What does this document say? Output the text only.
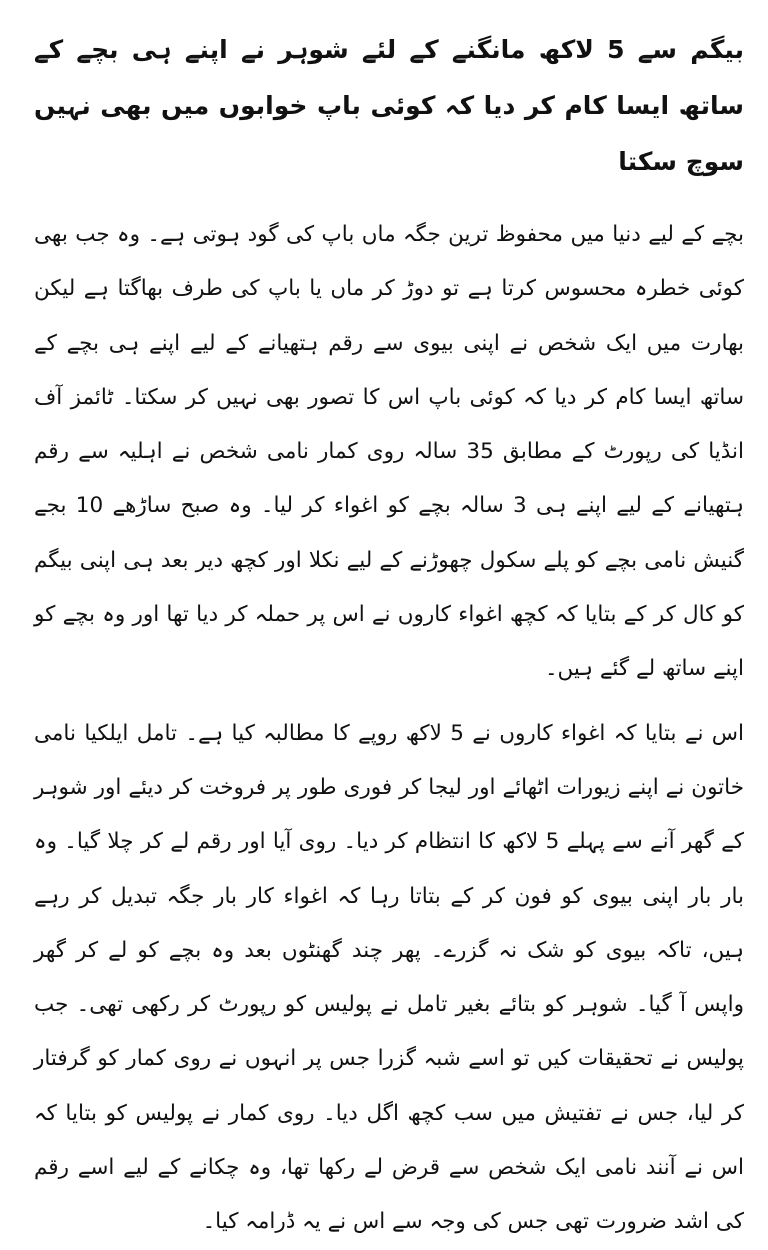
بیگم سے 5 لاکھ مانگنے کے لئے شوہر نے اپنے ہی بچے کے ساتھ ایسا کام کر دیا کہ کوئی باپ خوابوں میں بھی نہیں سوچ سکتا

بچے کے لیے دنیا میں محفوظ ترین جگہ ماں باپ کی گود ہوتی ہے۔ وہ جب بھی کوئی خطرہ محسوس کرتا ہے تو دوڑ کر ماں یا باپ کی طرف بھاگتا ہے لیکن بھارت میں ایک شخص نے اپنی بیوی سے رقم ہتھیانے کے لیے اپنے ہی بچے کے ساتھ ایسا کام کر دیا کہ کوئی باپ اس کا تصور بھی نہیں کر سکتا۔ ٹائمز آف انڈیا کی رپورٹ کے مطابق 35 سالہ روی کمار نامی شخص نے اہلیہ سے رقم ہتھیانے کے لیے اپنے ہی 3 سالہ بچے کو اغواء کر لیا۔ وہ صبح ساڑھے 10 بجے گنیش نامی بچے کو پلے سکول چھوڑنے کے لیے نکلا اور کچھ دیر بعد ہی اپنی بیگم کو کال کر کے بتایا کہ کچھ اغواء کاروں نے اس پر حملہ کر دیا تھا اور وہ بچے کو اپنے ساتھ لے گئے ہیں۔

اس نے بتایا کہ اغواء کاروں نے 5 لاکھ روپے کا مطالبہ کیا ہے۔ تامل ایلکیا نامی خاتون نے اپنے زیورات اٹھائے اور لیجا کر فوری طور پر فروخت کر دیئے اور شوہر کے گھر آنے سے پہلے 5 لاکھ کا انتظام کر دیا۔ روی آیا اور رقم لے کر چلا گیا۔ وہ بار بار اپنی بیوی کو فون کر کے بتاتا رہا کہ اغواء کار بار جگہ تبدیل کر رہے ہیں، تاکہ بیوی کو شک نہ گزرے۔ پھر چند گھنٹوں بعد وہ بچے کو لے کر گھر واپس آ گیا۔ شوہر کو بتائے بغیر تامل نے پولیس کو رپورٹ کر رکھی تھی۔ جب پولیس نے تحقیقات کیں تو اسے شبہ گزرا جس پر انہوں نے روی کمار کو گرفتار کر لیا، جس نے تفتیش میں سب کچھ اگل دیا۔ روی کمار نے پولیس کو بتایا کہ اس نے آنند نامی ایک شخص سے قرض لے رکھا تھا، وہ چکانے کے لیے اسے رقم کی اشد ضرورت تھی جس کی وجہ سے اس نے یہ ڈرامہ کیا۔
